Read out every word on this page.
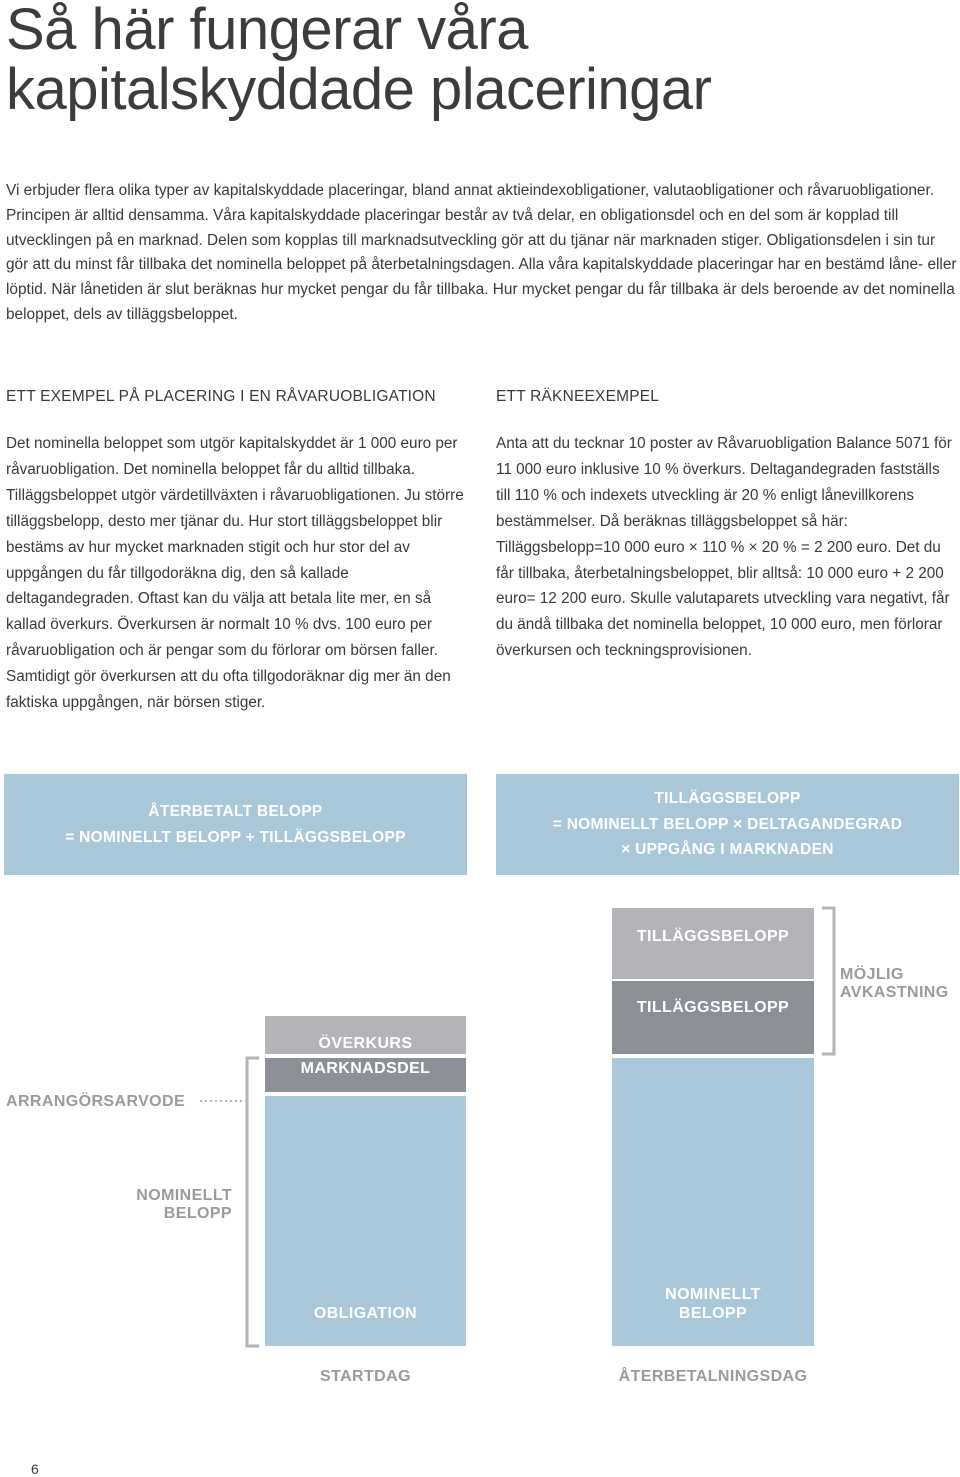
Så här fungerar våra
kapitalskyddade placeringar

Vi erbjuder flera olika typer av kapitalskyddade placeringar, bland annat aktieindexobligationer, valutaobligationer och råvaruobligationer. Principen är alltid densamma. Våra kapitalskyddade placeringar består av två delar, en obligationsdel och en del som är kopplad till utvecklingen på en marknad. Delen som kopplas till marknadsutveckling gör att du tjänar när marknaden stiger. Obligationsdelen i sin tur gör att du minst får tillbaka det nominella beloppet på återbetalningsdagen. Alla våra kapitalskyddade placeringar har en bestämd låne- eller löptid. När lånetiden är slut beräknas hur mycket pengar du får tillbaka. Hur mycket pengar du får tillbaka är dels beroende av det nominella beloppet, dels av tilläggsbeloppet.

ETT EXEMPEL PÅ PLACERING I EN RÅVARUOBLIGATION

Det nominella beloppet som utgör kapitalskyddet är 1 000 euro per råvaruobligation. Det nominella beloppet får du alltid tillbaka. Tilläggsbeloppet utgör värdetillväxten i råvaruobligationen. Ju större tilläggsbelopp, desto mer tjänar du. Hur stort tilläggsbeloppet blir bestäms av hur mycket marknaden stigit och hur stor del av uppgången du får tillgodoräkna dig, den så kallade deltagandegraden. Oftast kan du välja att betala lite mer, en så kallad överkurs. Överkursen är normalt 10 % dvs. 100 euro per råvaruobligation och är pengar som du förlorar om börsen faller. Samtidigt gör överkursen att du ofta tillgodoräknar dig mer än den faktiska uppgången, när börsen stiger.

ETT RÄKNEEXEMPEL

Anta att du tecknar 10 poster av Råvaruobligation Balance 5071 för 11 000 euro inklusive 10 % överkurs. Deltagandegraden fastställs till 110 % och indexets utveckling är 20 % enligt lånevillkorens bestämmelser. Då beräknas tilläggsbeloppet så här: Tilläggsbelopp=10 000 euro × 110 % × 20 % = 2 200 euro. Det du får tillbaka, återbetalningsbeloppet, blir alltså: 10 000 euro + 2 200 euro= 12 200 euro. Skulle valutaparets utveckling vara negativt, får du ändå tillbaka det nominella beloppet, 10 000 euro, men förlorar överkursen och teckningsprovisionen.

ÅTERBETALT BELOPP
= NOMINELLT BELOPP + TILLÄGGSBELOPP
TILLÄGGSBELOPP
= NOMINELLT BELOPP × DELTAGANDEGRAD
× UPPGÅNG I MARKNADEN
ÖVERKURS
MARKNADSDEL
OBLIGATION
TILLÄGGSBELOPP
TILLÄGGSBELOPP
NOMINELLT
BELOPP
STARTDAG	ÅTERBETALNINGSDAG
ARRANGÖRSARVODE
NOMINELLT
BELOPP
MÖJLIG
AVKASTNING
6
